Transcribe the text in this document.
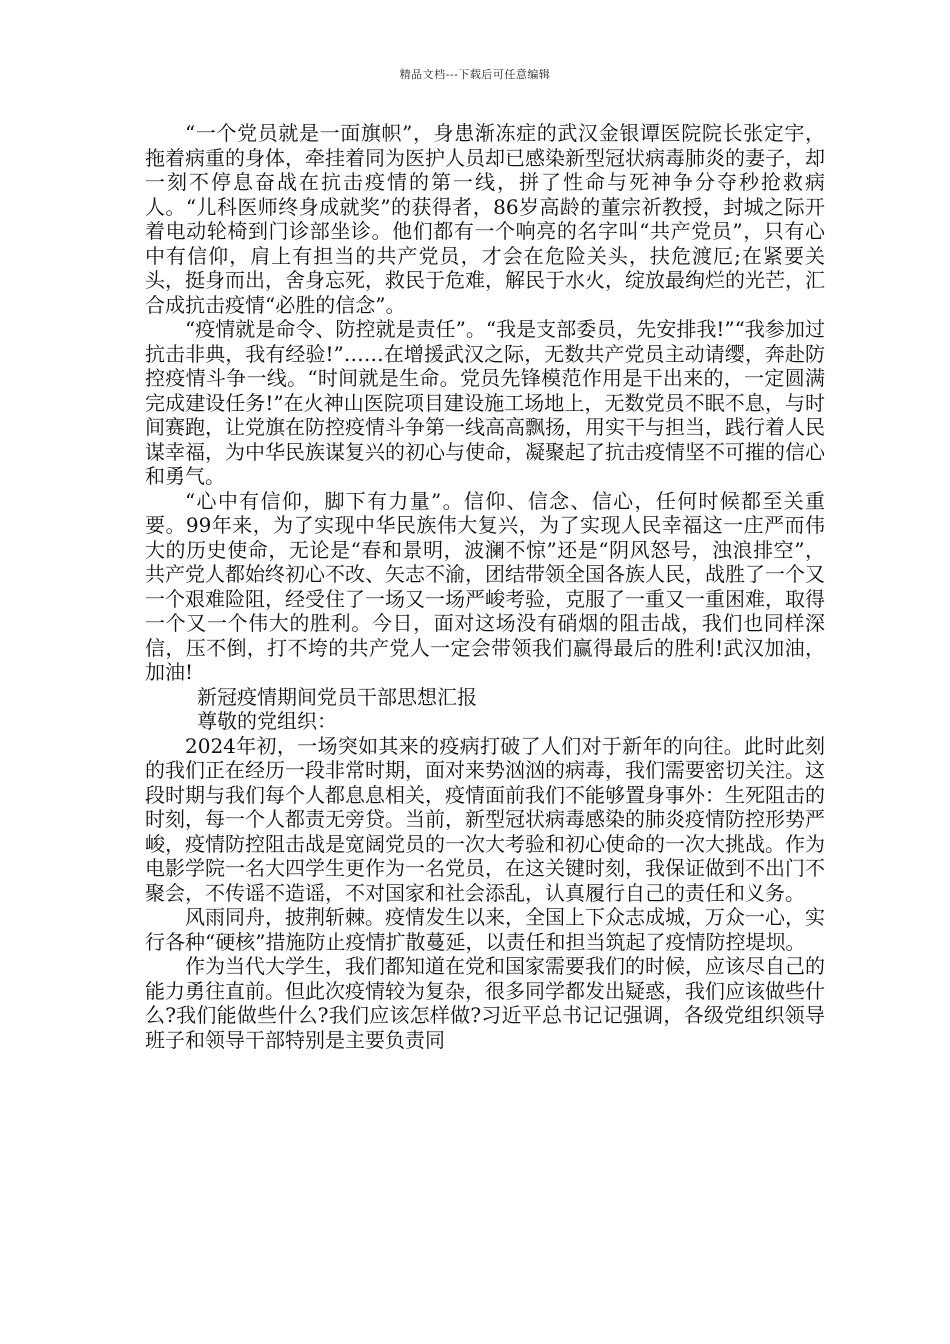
精品文档---下载后可任意编辑

“一个党员就是一面旗帜”，身患渐冻症的武汉金银谭医院院长张定宇，拖着病重的身体，牵挂着同为医护人员却已感染新型冠状病毒肺炎的妻子，却一刻不停息奋战在抗击疫情的第一线，拼了性命与死神争分夺秒抢救病人。“儿科医师终身成就奖”的获得者，86岁高龄的董宗祈教授，封城之际开着电动轮椅到门诊部坐诊。他们都有一个响亮的名字叫“共产党员”，只有心中有信仰，肩上有担当的共产党员，才会在危险关头，扶危渡厄;在紧要关头，挺身而出，舍身忘死，救民于危难，解民于水火，绽放最绚烂的光芒，汇合成抗击疫情“必胜的信念”。

“疫情就是命令、防控就是责任”。“我是支部委员，先安排我!”“我参加过抗击非典，我有经验!”……在增援武汉之际，无数共产党员主动请缨，奔赴防控疫情斗争一线。“时间就是生命。党员先锋模范作用是干出来的，一定圆满完成建设任务!”在火神山医院项目建设施工场地上，无数党员不眠不息，与时间赛跑，让党旗在防控疫情斗争第一线高高飘扬，用实干与担当，践行着人民谋幸福，为中华民族谋复兴的初心与使命，凝聚起了抗击疫情坚不可摧的信心和勇气。

“心中有信仰，脚下有力量”。信仰、信念、信心，任何时候都至关重要。99年来，为了实现中华民族伟大复兴，为了实现人民幸福这一庄严而伟大的历史使命，无论是“春和景明，波澜不惊”还是“阴风怒号，浊浪排空”，共产党人都始终初心不改、矢志不渝，团结带领全国各族人民，战胜了一个又一个艰难险阻，经受住了一场又一场严峻考验，克服了一重又一重困难，取得一个又一个伟大的胜利。今日，面对这场没有硝烟的阻击战，我们也同样深信，压不倒，打不垮的共产党人一定会带领我们赢得最后的胜利!武汉加油，加油!

新冠疫情期间党员干部思想汇报

尊敬的党组织：

2024年初，一场突如其来的疫病打破了人们对于新年的向往。此时此刻的我们正在经历一段非常时期，面对来势汹汹的病毒，我们需要密切关注。这段时期与我们每个人都息息相关，疫情面前我们不能够置身事外：生死阻击的时刻，每一个人都责无旁贷。当前，新型冠状病毒感染的肺炎疫情防控形势严峻，疫情防控阻击战是宽阔党员的一次大考验和初心使命的一次大挑战。作为电影学院一名大四学生更作为一名党员，在这关键时刻，我保证做到不出门不聚会，不传谣不造谣，不对国家和社会添乱，认真履行自己的责任和义务。

风雨同舟，披荆斩棘。疫情发生以来，全国上下众志成城，万众一心，实行各种“硬核”措施防止疫情扩散蔓延，以责任和担当筑起了疫情防控堤坝。

作为当代大学生，我们都知道在党和国家需要我们的时候，应该尽自己的能力勇往直前。但此次疫情较为复杂，很多同学都发出疑惑，我们应该做些什么?我们能做些什么?我们应该怎样做?习近平总书记记强调，各级党组织领导班子和领导干部特别是主要负责同
